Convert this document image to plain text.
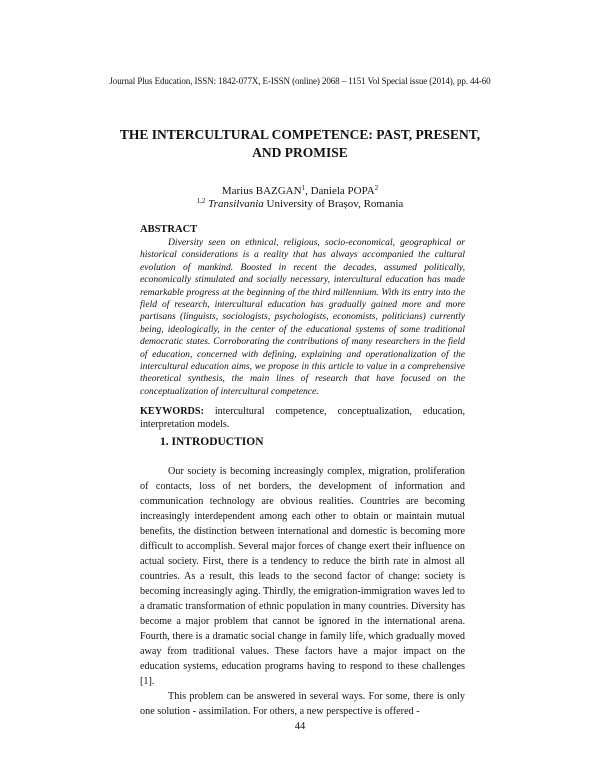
Journal Plus Education, ISSN: 1842-077X, E-ISSN (online) 2068 – 1151 Vol Special issue (2014), pp. 44-60
THE INTERCULTURAL COMPETENCE: PAST, PRESENT,
AND PROMISE
Marius BAZGAN$^1$, Daniela POPA$^2$
$^{1,2}$ Transilvania University of Brașov, Romania
ABSTRACT

Diversity seen on ethnical, religious, socio-economical, geographical or historical considerations is a reality that has always accompanied the cultural evolution of mankind. Boosted in recent the decades, assumed politically, economically stimulated and socially necessary, intercultural education has made remarkable progress at the beginning of the third millennium. With its entry into the field of research, intercultural education has gradually gained more and more partisans (linguists, sociologists, psychologists, economists, politicians) currently being, ideologically, in the center of the educational systems of some traditional democratic states. Corroborating the contributions of many researchers in the field of education, concerned with defining, explaining and operationalization of the intercultural education aims, we propose in this article to value in a comprehensive theoretical synthesis, the main lines of research that have focused on the conceptualization of intercultural competence.

KEYWORDS: intercultural competence, conceptualization, education, interpretation models.

1. INTRODUCTION

Our society is becoming increasingly complex, migration, proliferation of contacts, loss of net borders, the development of information and communication technology are obvious realities. Countries are becoming increasingly interdependent among each other to obtain or maintain mutual benefits, the distinction between international and domestic is becoming more difficult to accomplish. Several major forces of change exert their influence on actual society. First, there is a tendency to reduce the birth rate in almost all countries. As a result, this leads to the second factor of change: society is becoming increasingly aging. Thirdly, the emigration-immigration waves led to a dramatic transformation of ethnic population in many countries. Diversity has become a major problem that cannot be ignored in the international arena. Fourth, there is a dramatic social change in family life, which gradually moved away from traditional values. These factors have a major impact on the education systems, education programs having to respond to these challenges [1].

This problem can be answered in several ways. For some, there is only one solution - assimilation. For others, a new perspective is offered -

44
